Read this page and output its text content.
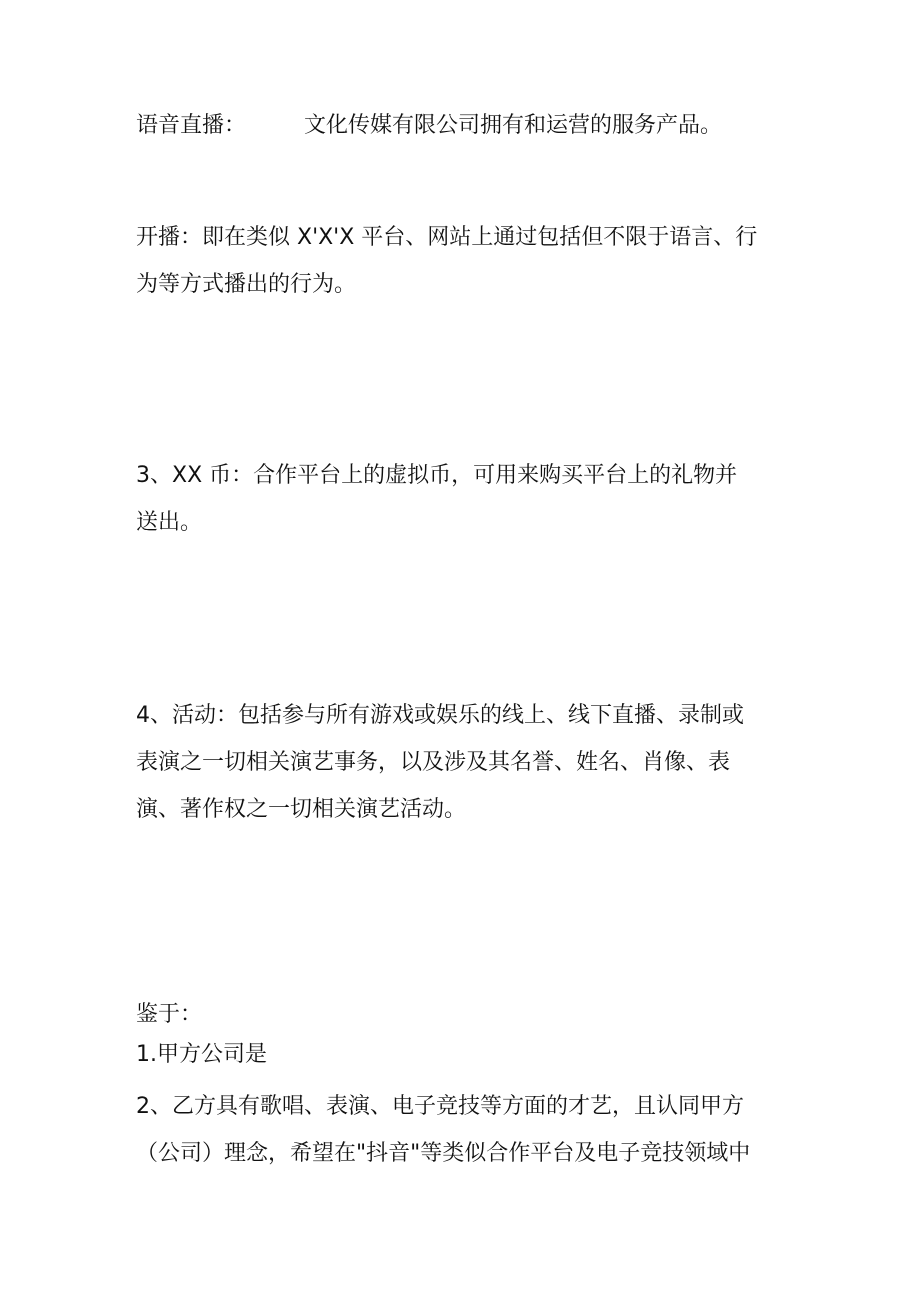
语音直播：	文化传媒有限公司拥有和运营的服务产品。

开播：即在类似 X'X'X 平台、网站上通过包括但不限于语言、行
为等方式播出的行为。

3、XX 币：合作平台上的虚拟币，可用来购买平台上的礼物并
送出。

4、活动：包括参与所有游戏或娱乐的线上、线下直播、录制或
表演之一切相关演艺事务，以及涉及其名誉、姓名、肖像、表
演、著作权之一切相关演艺活动。

鉴于：
1.甲方公司是

2、乙方具有歌唱、表演、电子竞技等方面的才艺，且认同甲方
（公司）理念，希望在"抖音"等类似合作平台及电子竞技领域中
